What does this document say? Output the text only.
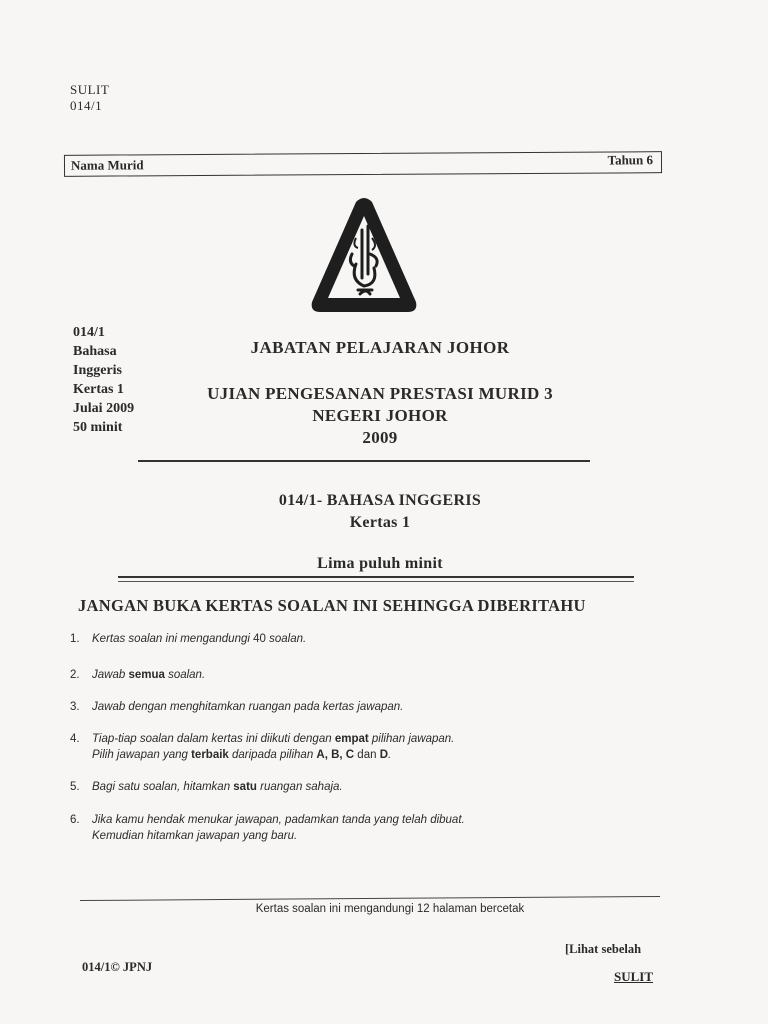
SULIT
014/1
Nama Murid	Tahun 6
014/1
Bahasa
Inggeris
Kertas 1
Julai 2009
50 minit
JABATAN PELAJARAN JOHOR
UJIAN PENGESANAN PRESTASI MURID 3
NEGERI JOHOR
2009
014/1- BAHASA INGGERIS
Kertas 1
Lima puluh minit
JANGAN BUKA KERTAS SOALAN INI SEHINGGA DIBERITAHU
1. Kertas soalan ini mengandungi 40 soalan.
2. Jawab semua soalan.
3. Jawab dengan menghitamkan ruangan pada kertas jawapan.
4. Tiap-tiap soalan dalam kertas ini diikuti dengan empat pilihan jawapan.
Pilih jawapan yang terbaik daripada pilihan A, B, C dan D.
5. Bagi satu soalan, hitamkan satu ruangan sahaja.
6. Jika kamu hendak menukar jawapan, padamkan tanda yang telah dibuat.
Kemudian hitamkan jawapan yang baru.
Kertas soalan ini mengandungi 12 halaman bercetak
[Lihat sebelah
014/1© JPNJ
SULIT
